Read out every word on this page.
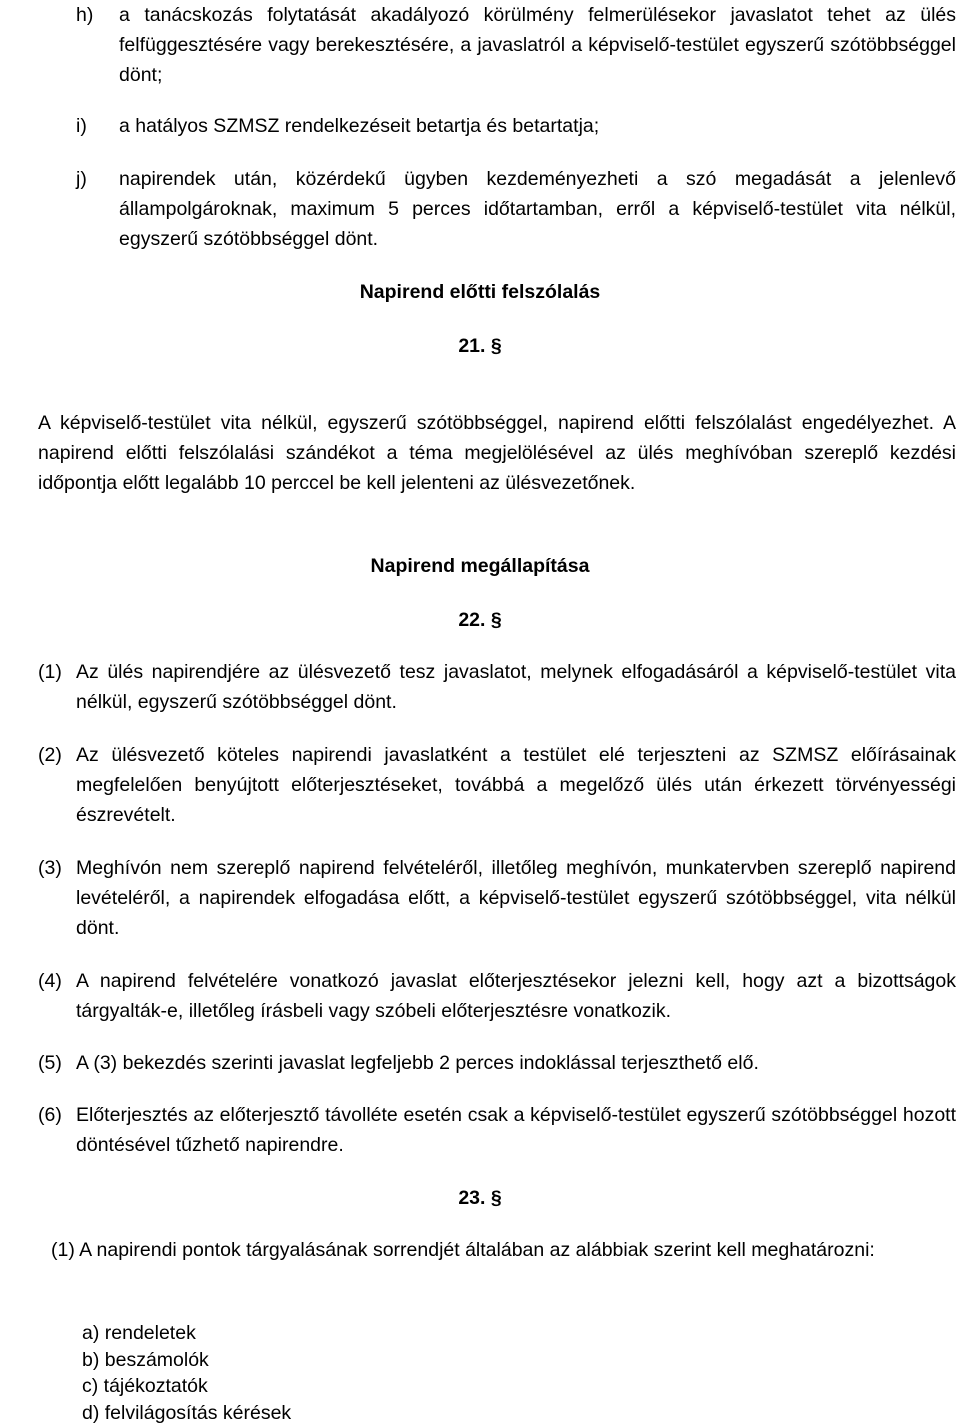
h) a tanácskozás folytatását akadályozó körülmény felmerülésekor javaslatot tehet az ülés felfüggesztésére vagy berekesztésére, a javaslatról a képviselő-testület egyszerű szótöbbséggel dönt;
i) a hatályos SZMSZ rendelkezéseit betartja és betartatja;
j) napirendek után, közérdekű ügyben kezdeményezheti a szó megadását a jelenlevő állampolgároknak, maximum 5 perces időtartamban, erről a képviselő-testület vita nélkül, egyszerű szótöbbséggel dönt.
Napirend előtti felszólalás
21. §
A képviselő-testület vita nélkül, egyszerű szótöbbséggel, napirend előtti felszólalást engedélyezhet. A napirend előtti felszólalási szándékot a téma megjelölésével az ülés meghívóban szereplő kezdési időpontja előtt legalább 10 perccel be kell jelenteni az ülésvezetőnek.
Napirend megállapítása
22. §
(1) Az ülés napirendjére az ülésvezető tesz javaslatot, melynek elfogadásáról a képviselő-testület vita nélkül, egyszerű szótöbbséggel dönt.
(2) Az ülésvezető köteles napirendi javaslatként a testület elé terjeszteni az SZMSZ előírásainak megfelelően benyújtott előterjesztéseket, továbbá a megelőző ülés után érkezett törvényességi észrevételt.
(3) Meghívón nem szereplő napirend felvételéről, illetőleg meghívón, munkatervben szereplő napirend levételéről, a napirendek elfogadása előtt, a képviselő-testület egyszerű szótöbbséggel, vita nélkül dönt.
(4) A napirend felvételére vonatkozó javaslat előterjesztésekor jelezni kell, hogy azt a bizottságok tárgyalták-e, illetőleg írásbeli vagy szóbeli előterjesztésre vonatkozik.
(5) A (3) bekezdés szerinti javaslat legfeljebb 2 perces indoklással terjeszthető elő.
(6) Előterjesztés az előterjesztő távolléte esetén csak a képviselő-testület egyszerű szótöbbséggel hozott döntésével tűzhető napirendre.
23. §
(1) A napirendi pontok tárgyalásának sorrendjét általában az alábbiak szerint kell meghatározni:
a) rendeletek
b) beszámolók
c) tájékoztatók
d) felvilágosítás kérések
